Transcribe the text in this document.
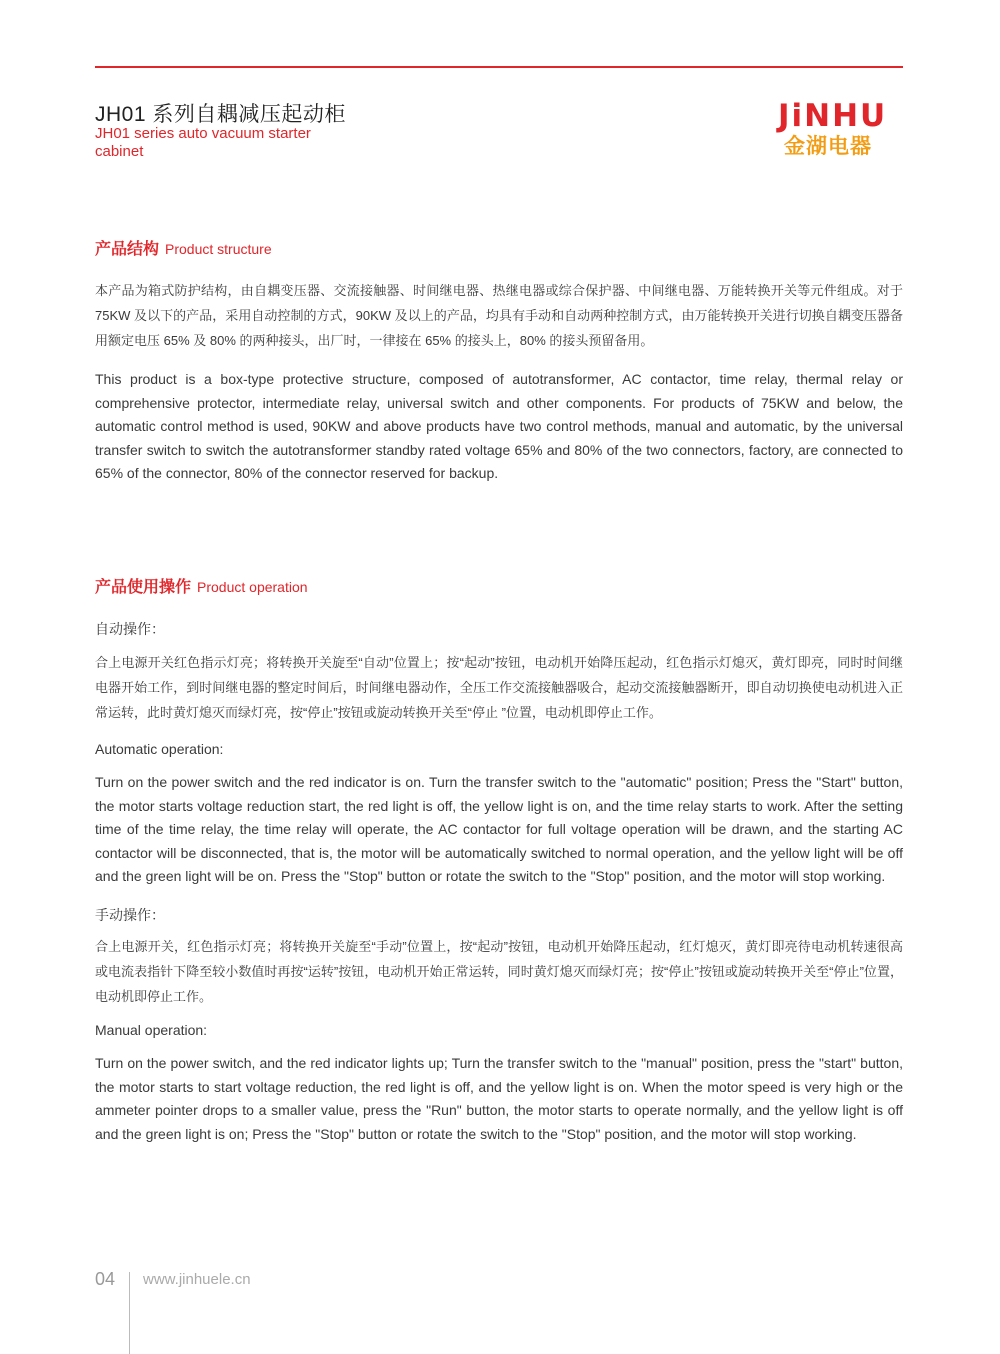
JH01 系列自耦减压起动柜
JH01 series auto vacuum starter cabinet
JiNHU
金湖电器
产品结构 Product structure
本产品为箱式防护结构，由自耦变压器、交流接触器、时间继电器、热继电器或综合保护器、中间继电器、万能转换开关等元件组成。对于 75KW 及以下的产品，采用自动控制的方式，90KW 及以上的产品，均具有手动和自动两种控制方式，由万能转换开关进行切换自耦变压器备用额定电压 65% 及 80% 的两种接头，出厂时，一律接在 65% 的接头上，80% 的接头预留备用。
This product is a box-type protective structure, composed of autotransformer, AC contactor, time relay, thermal relay or comprehensive protector, intermediate relay, universal switch and other components. For products of 75KW and below, the automatic control method is used, 90KW and above products have two control methods, manual and automatic, by the universal transfer switch to switch the autotransformer standby rated voltage 65% and 80% of the two connectors, factory, are connected to 65% of the connector, 80% of the connector reserved for backup.
产品使用操作 Product operation
自动操作：
合上电源开关红色指示灯亮；将转换开关旋至“自动”位置上；按“起动”按钮，电动机开始降压起动，红色指示灯熄灭，黄灯即亮，同时时间继电器开始工作，到时间继电器的整定时间后，时间继电器动作，全压工作交流接触器吸合，起动交流接触器断开，即自动切换使电动机进入正常运转，此时黄灯熄灭而绿灯亮，按“停止”按钮或旋动转换开关至“停止 ”位置，电动机即停止工作。
Automatic operation:
Turn on the power switch and the red indicator is on. Turn the transfer switch to the "automatic" position; Press the "Start" button, the motor starts voltage reduction start, the red light is off, the yellow light is on, and the time relay starts to work. After the setting time of the time relay, the time relay will operate, the AC contactor for full voltage operation will be drawn, and the starting AC contactor will be disconnected, that is, the motor will be automatically switched to normal operation, and the yellow light will be off and the green light will be on. Press the "Stop" button or rotate the switch to the "Stop" position, and the motor will stop working.
手动操作：
合上电源开关，红色指示灯亮；将转换开关旋至“手动”位置上，按“起动”按钮，电动机开始降压起动，红灯熄灭，黄灯即亮待电动机转速很高或电流表指针下降至较小数值时再按“运转”按钮，电动机开始正常运转，同时黄灯熄灭而绿灯亮；按“停止”按钮或旋动转换开关至“停止”位置，电动机即停止工作。
Manual operation:
Turn on the power switch, and the red indicator lights up; Turn the transfer switch to the "manual" position, press the "start" button, the motor starts to start voltage reduction, the red light is off, and the yellow light is on. When the motor speed is very high or the ammeter pointer drops to a smaller value, press the "Run" button, the motor starts to operate normally, and the yellow light is off and the green light is on; Press the "Stop" button or rotate the switch to the "Stop" position, and the motor will stop working.
04 www.jinhuele.cn
